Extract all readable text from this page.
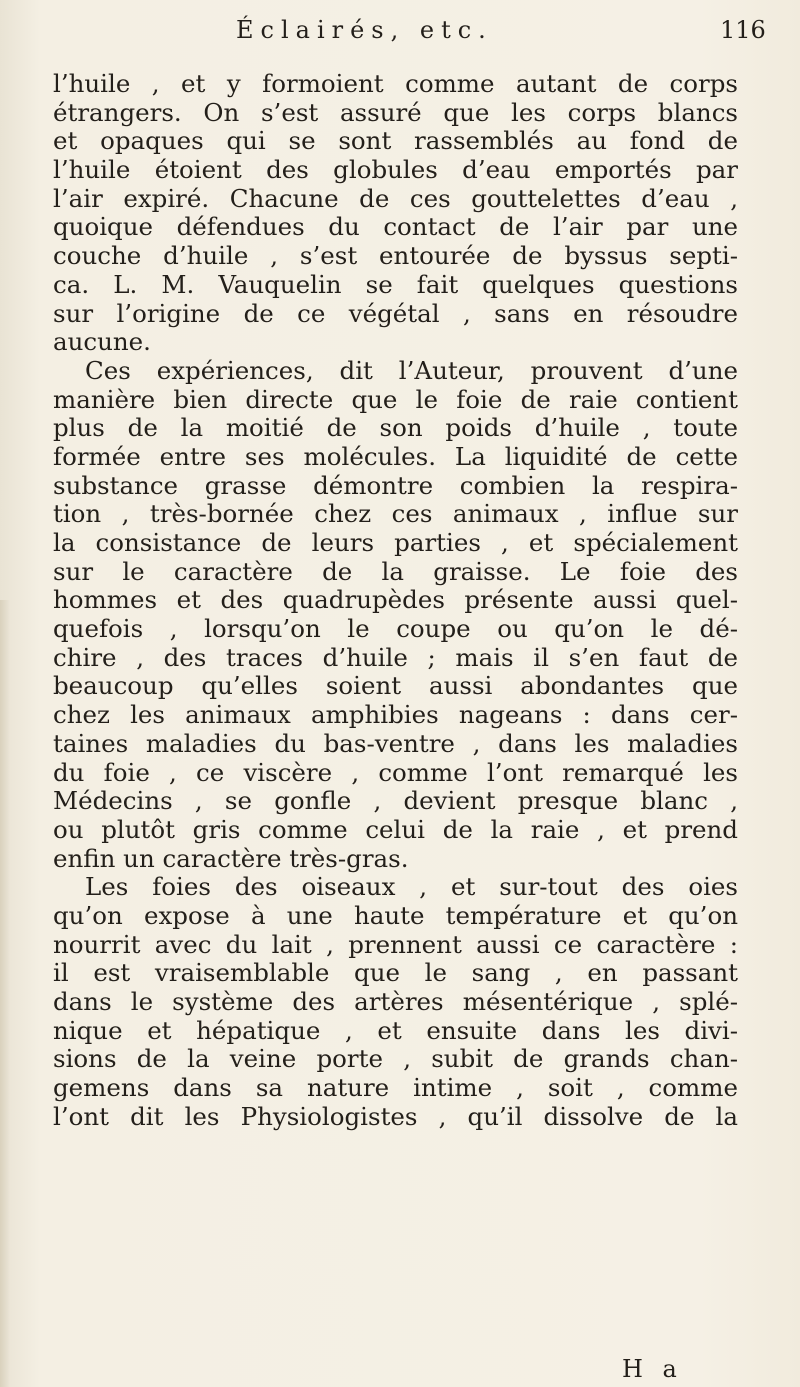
Éclairés, etc.	116
l’huile , et y formoient comme autant de corps
étrangers. On s’est assuré que les corps blancs
et opaques qui se sont rassemblés au fond de
l’huile étoient des globules d’eau emportés par
l’air expiré. Chacune de ces gouttelettes d’eau ,
quoique défendues du contact de l’air par une
couche d’huile , s’est entourée de byssus septi-
ca. L. M. Vauquelin se fait quelques questions
sur l’origine de ce végétal , sans en résoudre
aucune.
Ces expériences, dit l’Auteur, prouvent d’une
manière bien directe que le foie de raie contient
plus de la moitié de son poids d’huile , toute
formée entre ses molécules. La liquidité de cette
substance grasse démontre combien la respira-
tion , très-bornée chez ces animaux , influe sur
la consistance de leurs parties , et spécialement
sur le caractère de la graisse. Le foie des
hommes et des quadrupèdes présente aussi quel-
quefois , lorsqu’on le coupe ou qu’on le dé-
chire , des traces d’huile ; mais il s’en faut de
beaucoup qu’elles soient aussi abondantes que
chez les animaux amphibies nageans : dans cer-
taines maladies du bas-ventre , dans les maladies
du foie , ce viscère , comme l’ont remarqué les
Médecins , se gonfle , devient presque blanc ,
ou plutôt gris comme celui de la raie , et prend
enfin un caractère très-gras.
Les foies des oiseaux , et sur-tout des oies
qu’on expose à une haute température et qu’on
nourrit avec du lait , prennent aussi ce caractère :
il est vraisemblable que le sang , en passant
dans le système des artères mésentérique , splé-
nique et hépatique , et ensuite dans les divi-
sions de la veine porte , subit de grands chan-
gemens dans sa nature intime , soit , comme
l’ont dit les Physiologistes , qu’il dissolve de la
H a
